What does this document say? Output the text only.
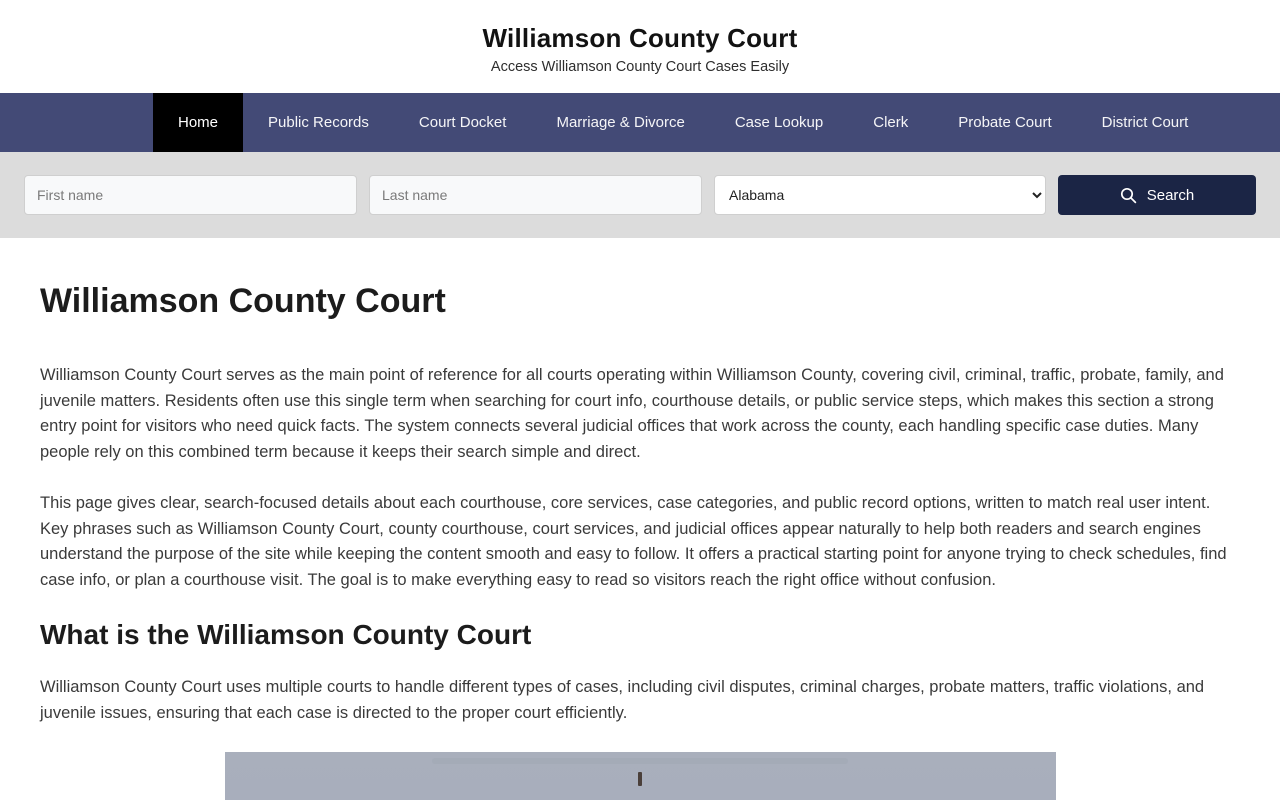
Williamson County Court
Access Williamson County Court Cases Easily
Home	Public Records	Court Docket	Marriage & Divorce	Case Lookup	Clerk	Probate Court	District Court
First name
Last name
Alabama
Search
Williamson County Court

Williamson County Court serves as the main point of reference for all courts operating within Williamson County, covering civil, criminal, traffic, probate, family, and juvenile matters. Residents often use this single term when searching for court info, courthouse details, or public service steps, which makes this section a strong entry point for visitors who need quick facts. The system connects several judicial offices that work across the county, each handling specific case duties. Many people rely on this combined term because it keeps their search simple and direct.

This page gives clear, search-focused details about each courthouse, core services, case categories, and public record options, written to match real user intent. Key phrases such as Williamson County Court, county courthouse, court services, and judicial offices appear naturally to help both readers and search engines understand the purpose of the site while keeping the content smooth and easy to follow. It offers a practical starting point for anyone trying to check schedules, find case info, or plan a courthouse visit. The goal is to make everything easy to read so visitors reach the right office without confusion.

What is the Williamson County Court

Williamson County Court uses multiple courts to handle different types of cases, including civil disputes, criminal charges, probate matters, traffic violations, and juvenile issues, ensuring that each case is directed to the proper court efficiently.
